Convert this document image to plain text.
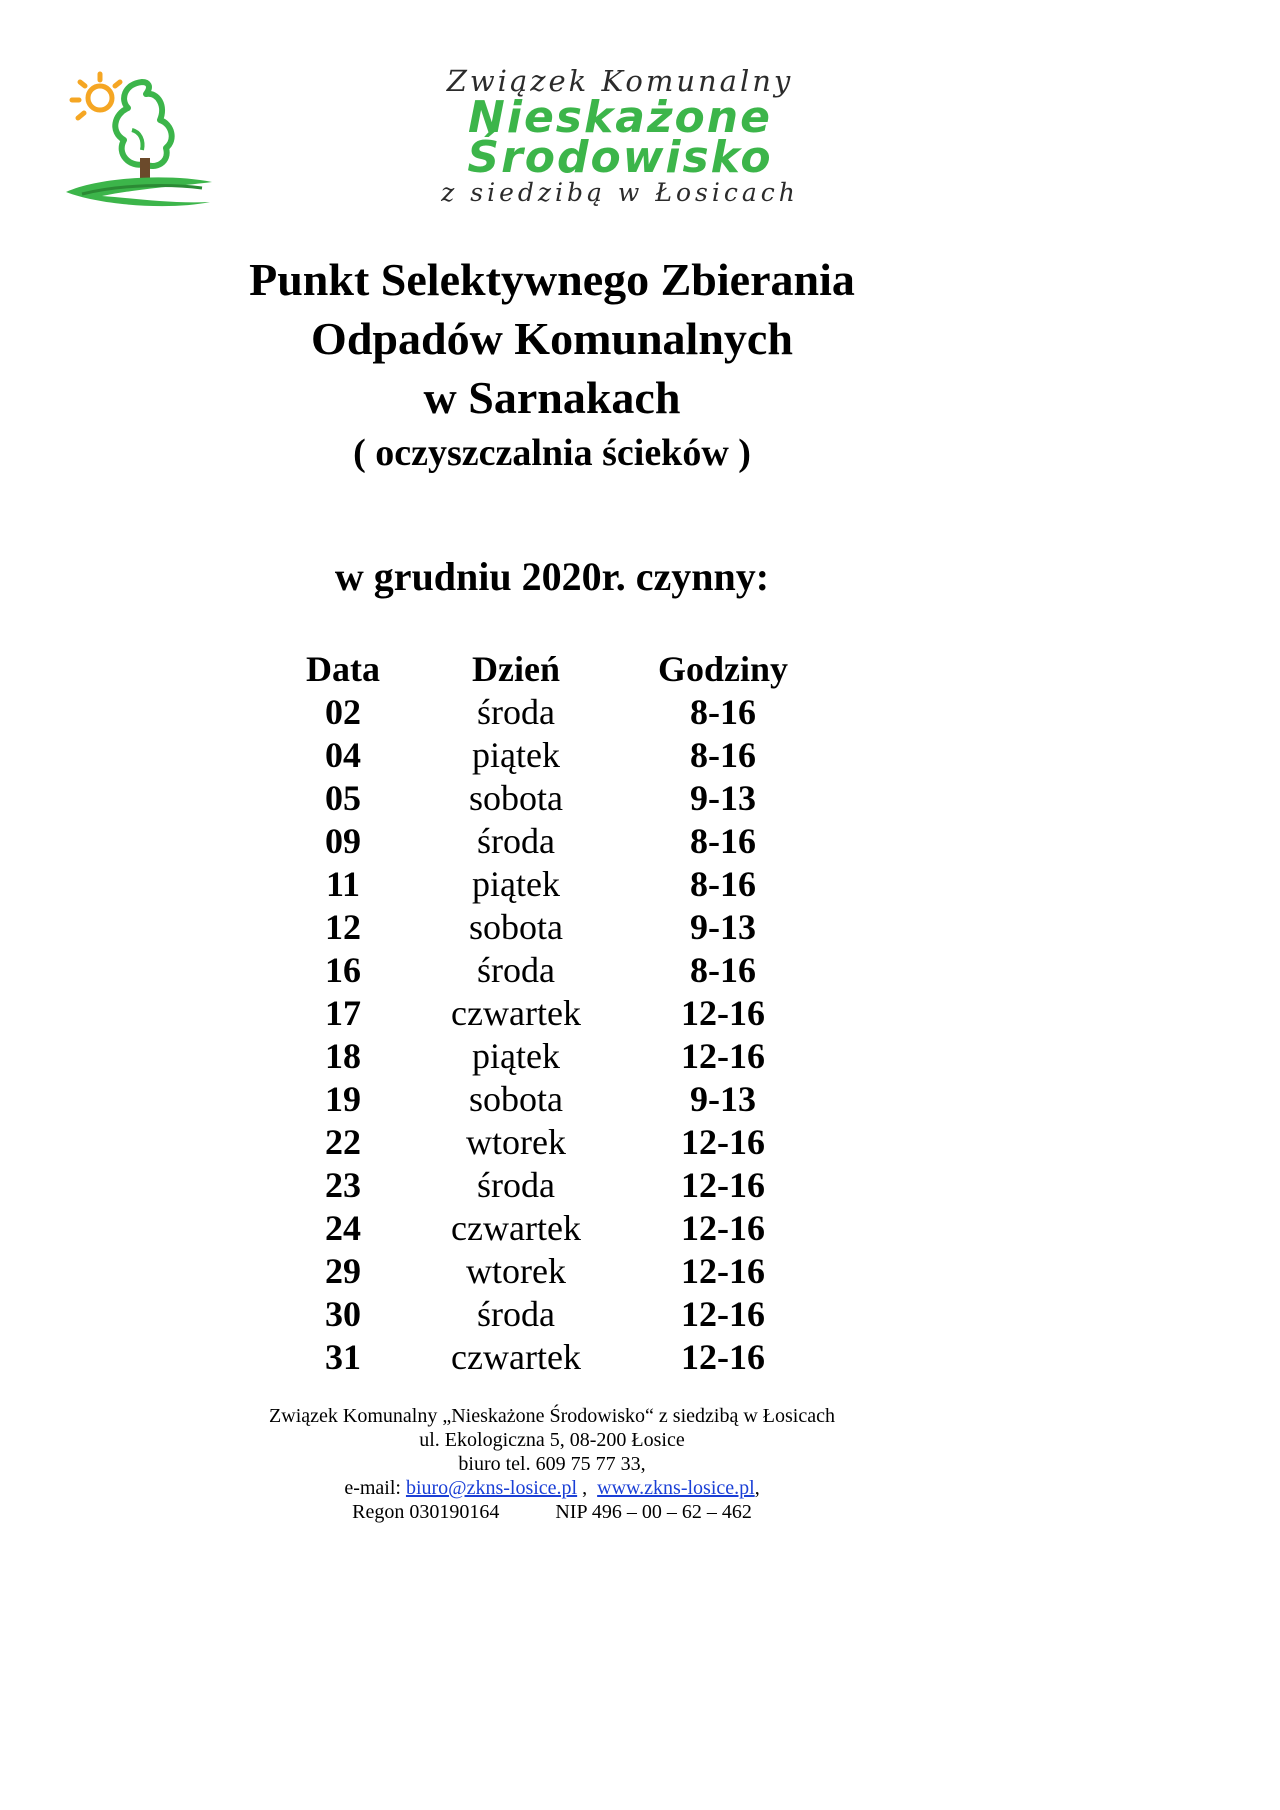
Związek Komunalny
Nieskażone
Środowisko
z siedzibą w Łosicach
Punkt Selektywnego Zbierania
Odpadów Komunalnych
w Sarnakach
( oczyszczalnia ścieków )
w grudniu 2020r. czynny:
Data	Dzień	Godziny
02	środa	8-16
04	piątek	8-16
05	sobota	9-13
09	środa	8-16
11	piątek	8-16
12	sobota	9-13
16	środa	8-16
17	czwartek	12-16
18	piątek	12-16
19	sobota	9-13
22	wtorek	12-16
23	środa	12-16
24	czwartek	12-16
29	wtorek	12-16
30	środa	12-16
31	czwartek	12-16
Związek Komunalny „Nieskażone Środowisko“ z siedzibą w Łosicach
ul. Ekologiczna 5, 08-200 Łosice
biuro tel. 609 75 77 33,
e-mail: biuro@zkns-losice.pl , www.zkns-losice.pl,
Regon 030190164	NIP 496 – 00 – 62 – 462
